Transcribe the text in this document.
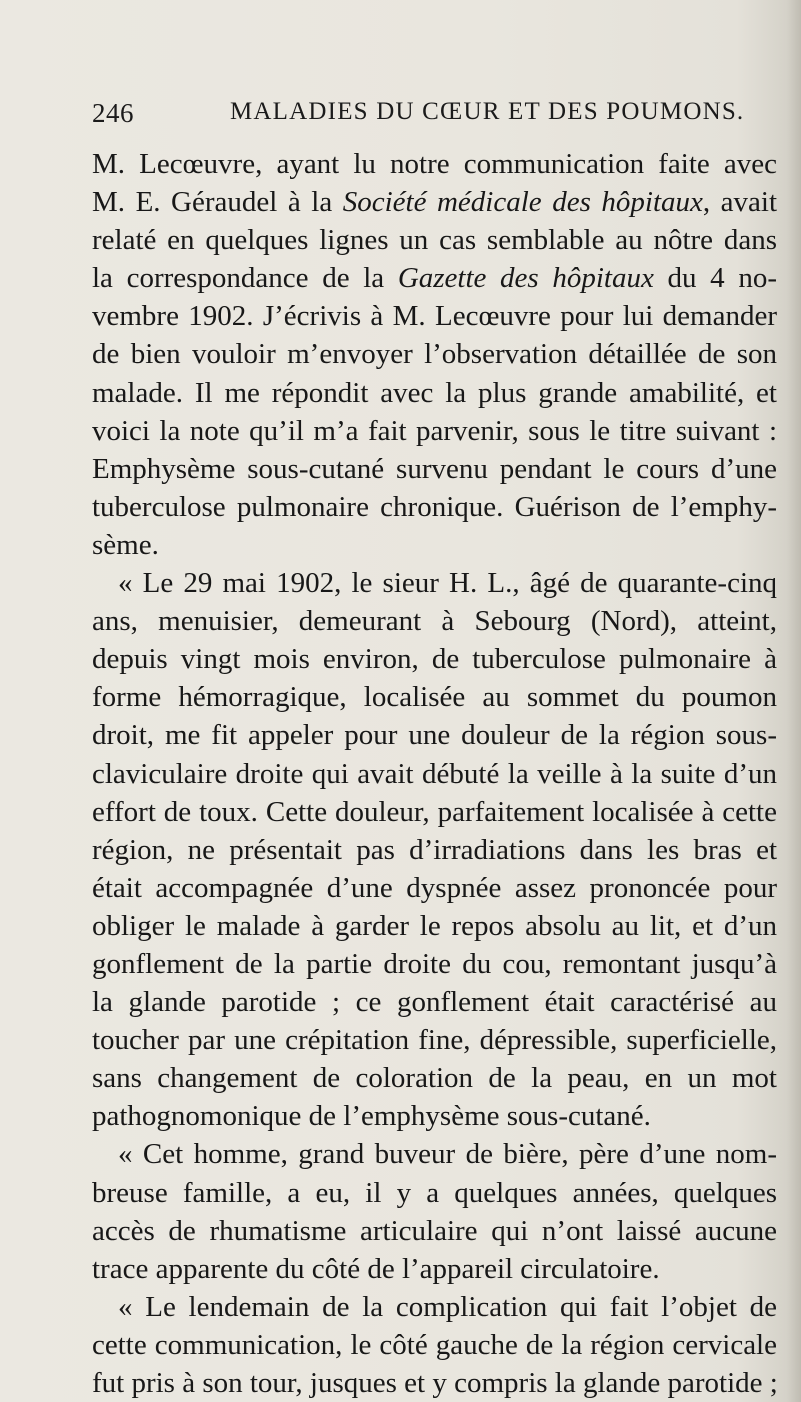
246	MALADIES DU CŒUR ET DES POUMONS.
M. Lecœuvre, ayant lu notre communication faite avec
M. E. Géraudel à la Société médicale des hôpitaux, avait
relaté en quelques lignes un cas semblable au nôtre dans
la correspondance de la Gazette des hôpitaux du 4 no-
vembre 1902. J’écrivis à M. Lecœuvre pour lui demander
de bien vouloir m’envoyer l’observation détaillée de son
malade. Il me répondit avec la plus grande amabilité, et
voici la note qu’il m’a fait parvenir, sous le titre suivant :
Emphysème sous-cutané survenu pendant le cours d’une
tuberculose pulmonaire chronique. Guérison de l’emphy-
sème.
« Le 29 mai 1902, le sieur H. L., âgé de quarante-cinq
ans, menuisier, demeurant à Sebourg (Nord), atteint,
depuis vingt mois environ, de tuberculose pulmonaire à
forme hémorragique, localisée au sommet du poumon
droit, me fit appeler pour une douleur de la région sous-
claviculaire droite qui avait débuté la veille à la suite d’un
effort de toux. Cette douleur, parfaitement localisée à cette
région, ne présentait pas d’irradiations dans les bras et
était accompagnée d’une dyspnée assez prononcée pour
obliger le malade à garder le repos absolu au lit, et d’un
gonflement de la partie droite du cou, remontant jusqu’à
la glande parotide ; ce gonflement était caractérisé au
toucher par une crépitation fine, dépressible, superficielle,
sans changement de coloration de la peau, en un mot
pathognomonique de l’emphysème sous-cutané.
« Cet homme, grand buveur de bière, père d’une nom-
breuse famille, a eu, il y a quelques années, quelques
accès de rhumatisme articulaire qui n’ont laissé aucune
trace apparente du côté de l’appareil circulatoire.
« Le lendemain de la complication qui fait l’objet de
cette communication, le côté gauche de la région cervicale
fut pris à son tour, jusques et y compris la glande parotide ;
